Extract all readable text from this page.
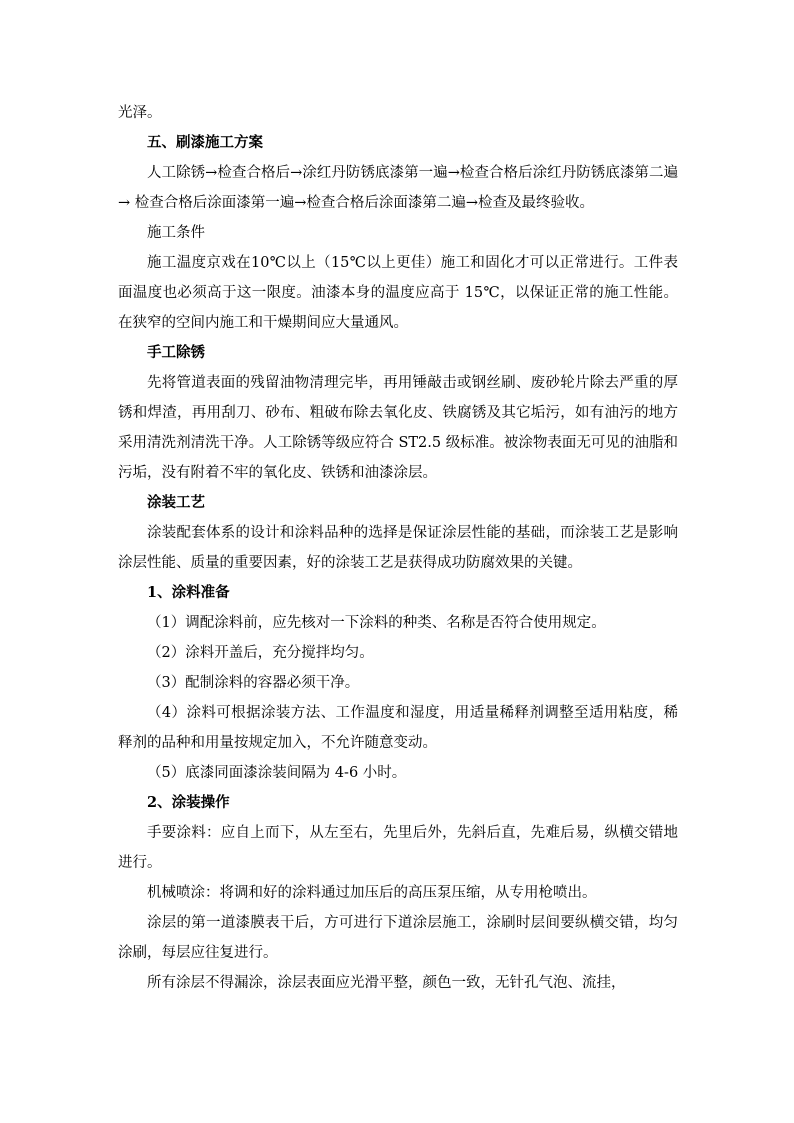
光泽。

五、刷漆施工方案

人工除锈→检查合格后→涂红丹防锈底漆第一遍→检查合格后涂红丹防锈底漆第二遍→ 检查合格后涂面漆第一遍→检查合格后涂面漆第二遍→检查及最终验收。

施工条件

施工温度京戏在10℃以上（15℃以上更佳）施工和固化才可以正常进行。工件表面温度也必须高于这一限度。油漆本身的温度应高于 15℃，以保证正常的施工性能。在狭窄的空间内施工和干燥期间应大量通风。

手工除锈

先将管道表面的残留油物清理完毕，再用锤敲击或钢丝刷、废砂轮片除去严重的厚锈和焊渣，再用刮刀、砂布、粗破布除去氧化皮、铁腐锈及其它垢污，如有油污的地方采用清洗剂清洗干净。人工除锈等级应符合 ST2.5 级标准。被涂物表面无可见的油脂和污垢，没有附着不牢的氧化皮、铁锈和油漆涂层。

涂装工艺

涂装配套体系的设计和涂料品种的选择是保证涂层性能的基础，而涂装工艺是影响涂层性能、质量的重要因素，好的涂装工艺是获得成功防腐效果的关键。

1、涂料准备

（1）调配涂料前，应先核对一下涂料的种类、名称是否符合使用规定。

（2）涂料开盖后，充分搅拌均匀。

（3）配制涂料的容器必须干净。

（4）涂料可根据涂装方法、工作温度和湿度，用适量稀释剂调整至适用粘度，稀释剂的品种和用量按规定加入，不允许随意变动。

（5）底漆同面漆涂装间隔为 4-6 小时。

2、涂装操作

手要涂料：应自上而下，从左至右，先里后外，先斜后直，先难后易，纵横交错地进行。

机械喷涂：将调和好的涂料通过加压后的高压泵压缩，从专用枪喷出。

涂层的第一道漆膜表干后，方可进行下道涂层施工，涂刷时层间要纵横交错，均匀涂刷，每层应往复进行。

所有涂层不得漏涂，涂层表面应光滑平整，颜色一致，无针孔气泡、流挂，
